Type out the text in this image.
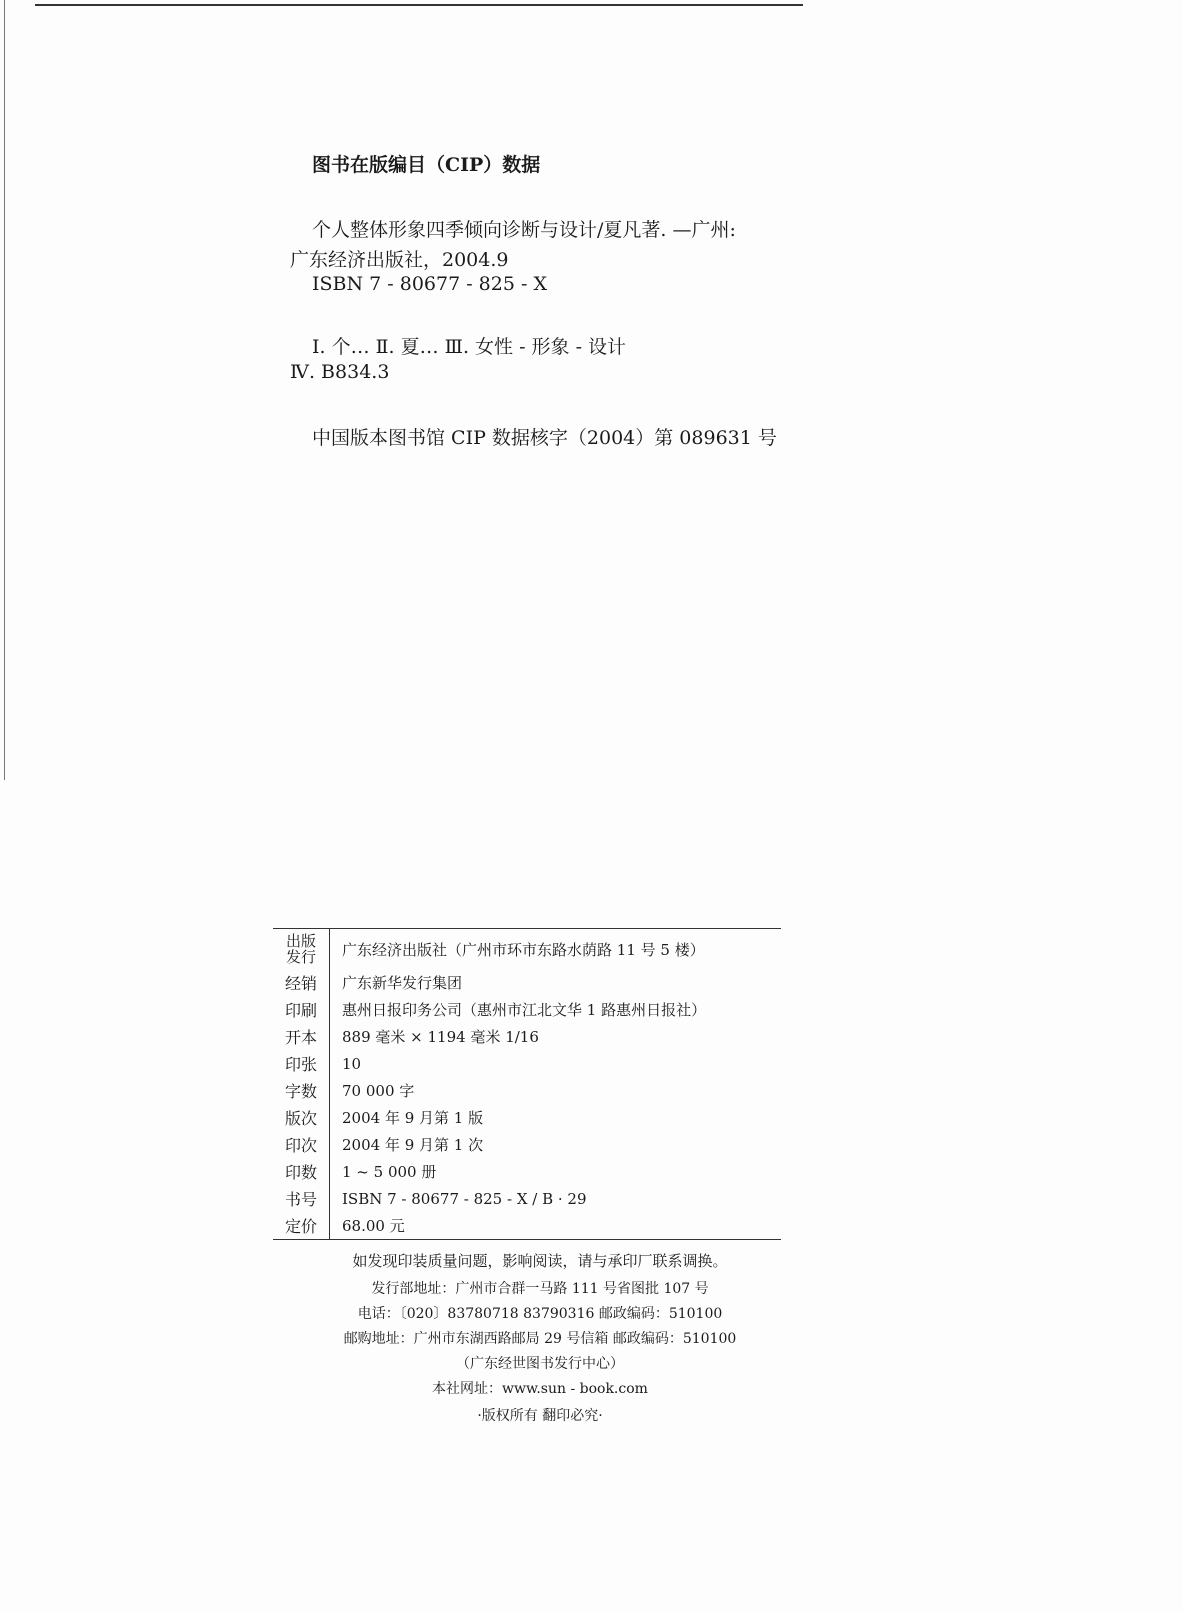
图书在版编目（CIP）数据
个人整体形象四季倾向诊断与设计/夏凡著. —广州:
广东经济出版社，2004.9
ISBN 7 - 80677 - 825 - X
Ⅰ. 个… Ⅱ. 夏… Ⅲ. 女性 - 形象 - 设计
Ⅳ. B834.3
中国版本图书馆 CIP 数据核字（2004）第 089631 号
出版
发行	广东经济出版社（广州市环市东路水荫路 11 号 5 楼）
经销	广东新华发行集团
印刷	惠州日报印务公司（惠州市江北文华 1 路惠州日报社）
开本	889 毫米 × 1194 毫米 1/16
印张	10
字数	70 000 字
版次	2004 年 9 月第 1 版
印次	2004 年 9 月第 1 次
印数	1 ~ 5 000 册
书号	ISBN 7 - 80677 - 825 - X / B · 29
定价	68.00 元
如发现印装质量问题，影响阅读，请与承印厂联系调换。
发行部地址：广州市合群一马路 111 号省图批 107 号
电话：〔020〕83780718 83790316 邮政编码：510100
邮购地址：广州市东湖西路邮局 29 号信箱 邮政编码：510100
（广东经世图书发行中心）
本社网址：www.sun - book.com
·版权所有 翻印必究·
